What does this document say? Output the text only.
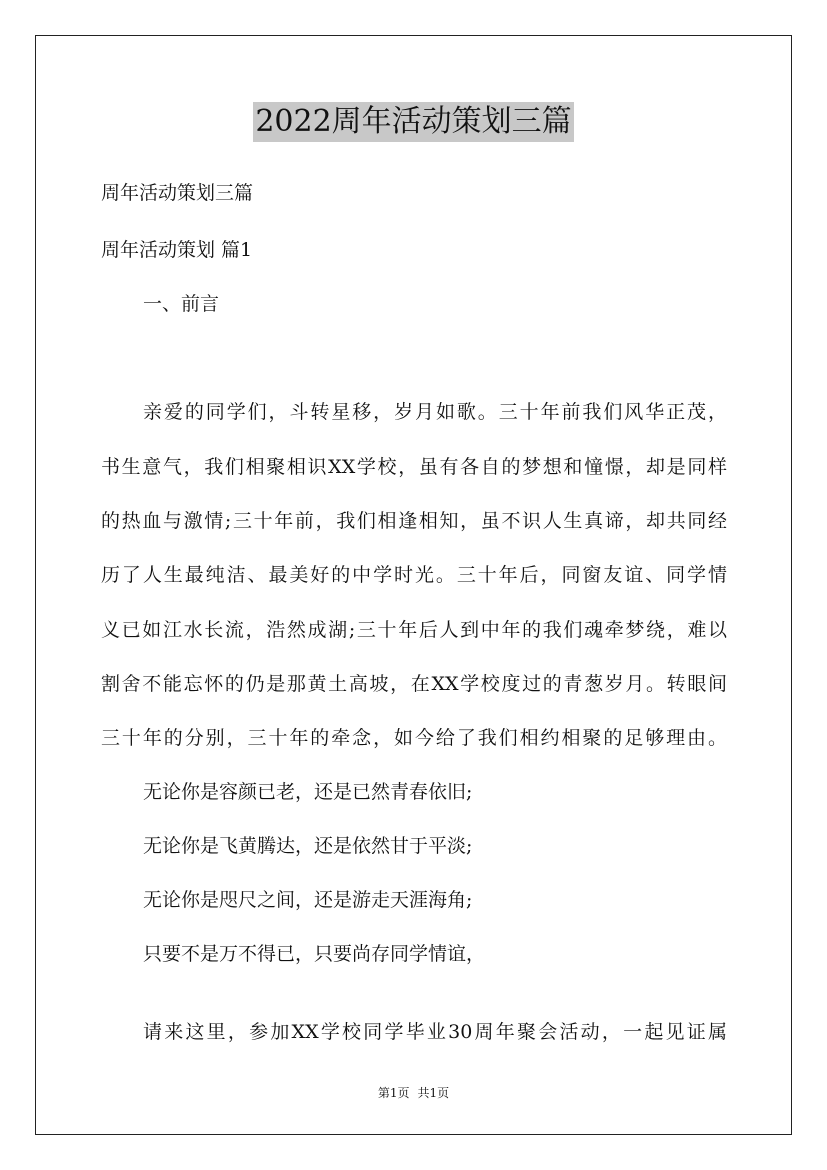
2022周年活动策划三篇
周年活动策划三篇
周年活动策划 篇1
一、前言
亲爱的同学们，斗转星移，岁月如歌。三十年前我们风华正茂，
书生意气，我们相聚相识XX学校，虽有各自的梦想和憧憬，却是同样
的热血与激情;三十年前，我们相逢相知，虽不识人生真谛，却共同经
历了人生最纯洁、最美好的中学时光。三十年后，同窗友谊、同学情
义已如江水长流，浩然成湖;三十年后人到中年的我们魂牵梦绕，难以
割舍不能忘怀的仍是那黄土高坡，在XX学校度过的青葱岁月。转眼间
三十年的分别，三十年的牵念，如今给了我们相约相聚的足够理由。
无论你是容颜已老，还是已然青春依旧;
无论你是飞黄腾达，还是依然甘于平淡;
无论你是咫尺之间，还是游走天涯海角;
只要不是万不得已，只要尚存同学情谊，
请来这里，参加XX学校同学毕业30周年聚会活动，一起见证属
第1页 共1页
